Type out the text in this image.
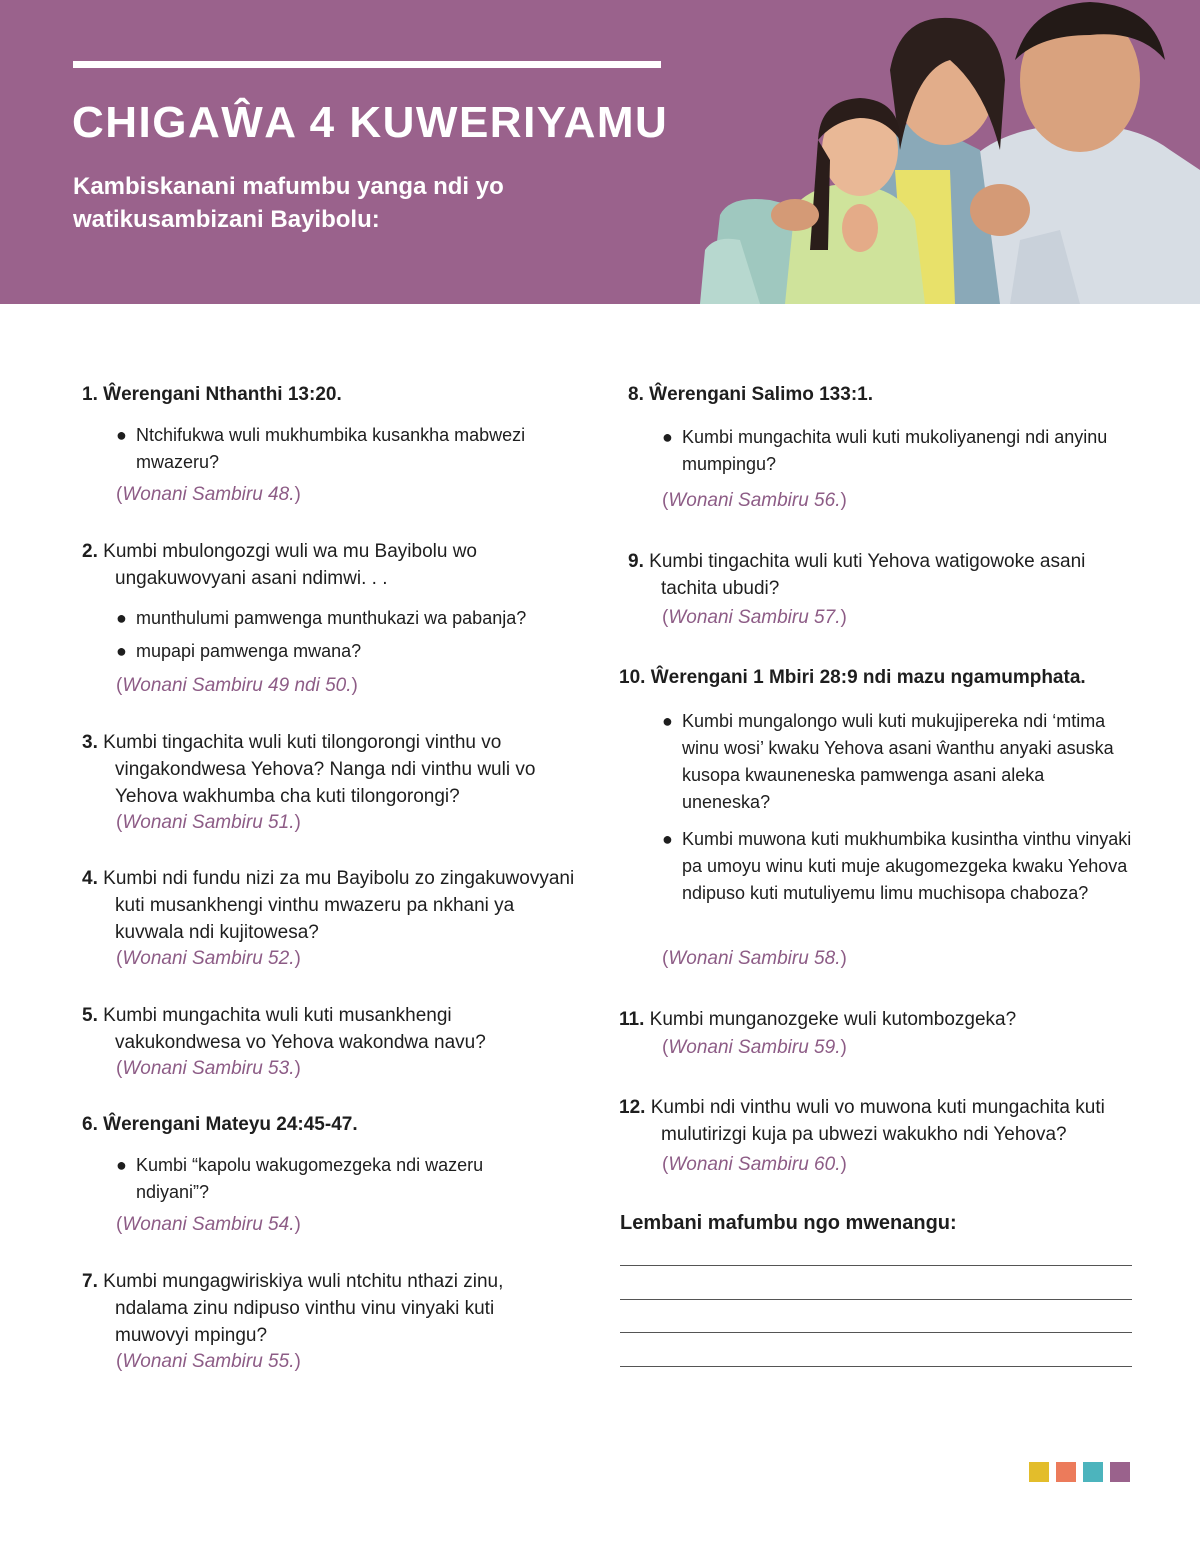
CHIGAŴA 4 KUWERIYAMU
Kambiskanani mafumbu yanga ndi yo watikusambizani Bayibolu:
1. Ŵerengani Nthanthi 13:20.
● Ntchifukwa wuli mukhumbika kusankha mabwezi mwazeru?
(Wonani Sambiru 48.)
2. Kumbi mbulongozgi wuli wa mu Bayibolu wo ungakuwovyani asani ndimwi. . .
● munthulumi pamwenga munthukazi wa pabanja?
● mupapi pamwenga mwana?
(Wonani Sambiru 49 ndi 50.)
3. Kumbi tingachita wuli kuti tilongorongi vinthu vo vingakondwesa Yehova? Nanga ndi vinthu wuli vo Yehova wakhumba cha kuti tilongorongi?
(Wonani Sambiru 51.)
4. Kumbi ndi fundu nizi za mu Bayibolu zo zingakuwovyani kuti musankhengi vinthu mwazeru pa nkhani ya kuvwala ndi kujitowesa?
(Wonani Sambiru 52.)
5. Kumbi mungachita wuli kuti musankhengi vakukondwesa vo Yehova wakondwa navu?
(Wonani Sambiru 53.)
6. Ŵerengani Mateyu 24:45-47.
● Kumbi “kapolu wakugomezgeka ndi wazeru ndiyani”?
(Wonani Sambiru 54.)
7. Kumbi mungagwiriskiya wuli ntchitu nthazi zinu, ndalama zinu ndipuso vinthu vinu vinyaki kuti muwovyi mpingu?
(Wonani Sambiru 55.)
8. Ŵerengani Salimo 133:1.
● Kumbi mungachita wuli kuti mukoliyanengi ndi anyinu mumpingu?
(Wonani Sambiru 56.)
9. Kumbi tingachita wuli kuti Yehova watigowoke asani tachita ubudi?
(Wonani Sambiru 57.)
10. Ŵerengani 1 Mbiri 28:9 ndi mazu ngamumphata.
● Kumbi mungalongo wuli kuti mukujipereka ndi ‘mtima winu wosi’ kwaku Yehova asani ŵanthu anyaki asuska kusopa kwauneneska pamwenga asani aleka uneneska?
● Kumbi muwona kuti mukhumbika kusintha vinthu vinyaki pa umoyu winu kuti muje akugomezgeka kwaku Yehova ndipuso kuti mutuliyemu limu muchisopa chaboza?
(Wonani Sambiru 58.)
11. Kumbi munganozgeke wuli kutombozgeka?
(Wonani Sambiru 59.)
12. Kumbi ndi vinthu wuli vo muwona kuti mungachita kuti mulutirizgi kuja pa ubwezi wakukho ndi Yehova?
(Wonani Sambiru 60.)
Lembani mafumbu ngo mwenangu:
